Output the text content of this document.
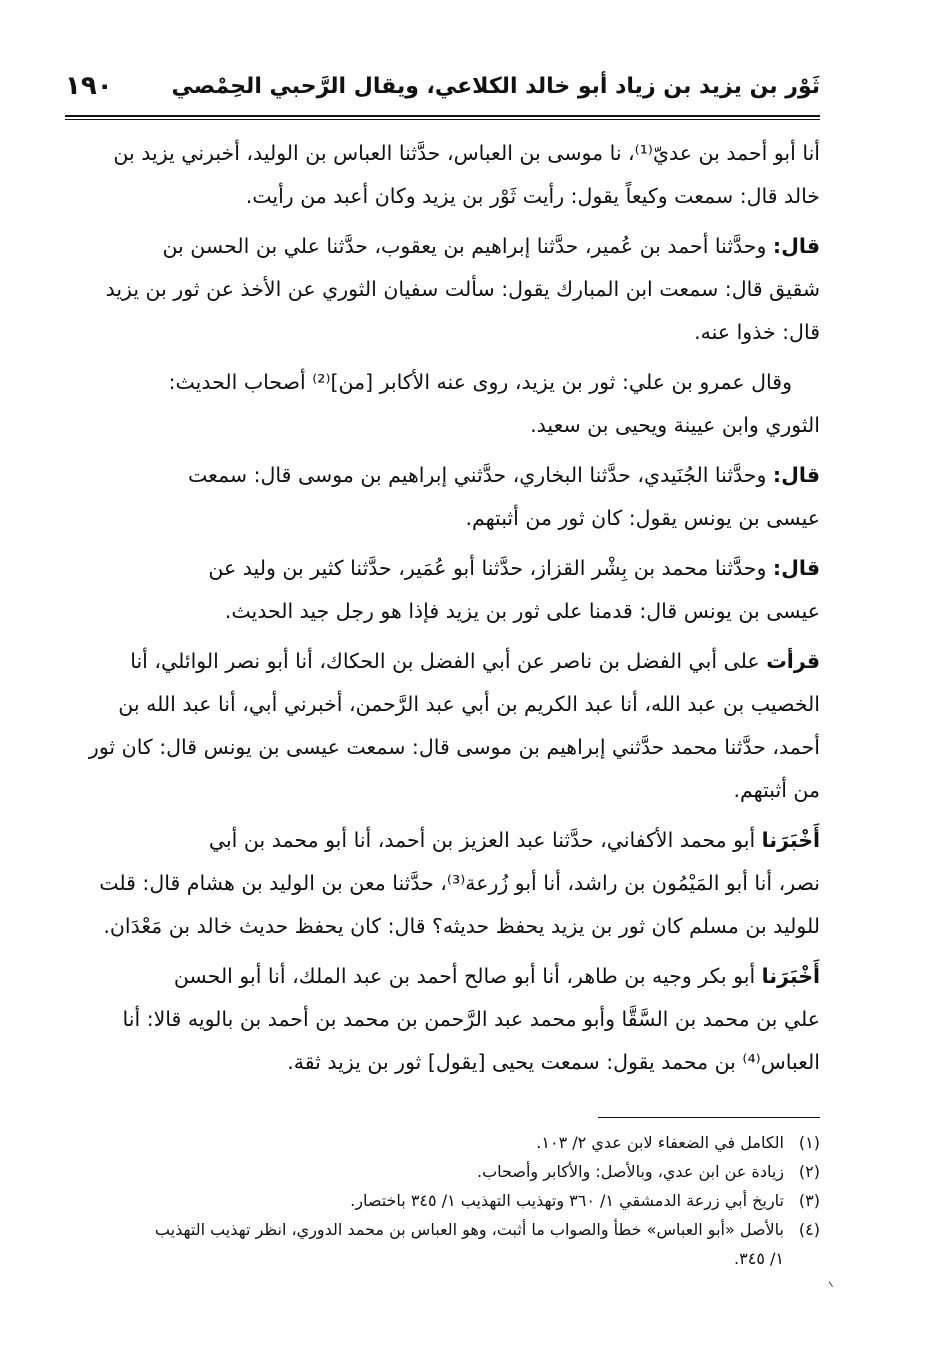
ثَوْر بن يزيد بن زياد أبو خالد الكلاعي، ويقال الرَّحبي الحِمْصي
١٩٠

أنا أبو أحمد بن عديّ⁽¹⁾، نا موسى بن العباس، حدَّثنا العباس بن الوليد، أخبرني يزيد بن
خالد قال: سمعت وكيعاً يقول: رأيت ثَوْر بن يزيد وكان أعبد من رأيت.

قال: وحدَّثنا أحمد بن عُمير، حدَّثنا إبراهيم بن يعقوب، حدَّثنا علي بن الحسن بن
شقيق قال: سمعت ابن المبارك يقول: سألت سفيان الثوري عن الأخذ عن ثور بن يزيد
قال: خذوا عنه.

وقال عمرو بن علي: ثور بن يزيد، روى عنه الأكابر [من]⁽²⁾ أصحاب الحديث:
الثوري وابن عيينة ويحيى بن سعيد.

قال: وحدَّثنا الجُنَيدي، حدَّثنا البخاري، حدَّثني إبراهيم بن موسى قال: سمعت
عيسى بن يونس يقول: كان ثور من أثبتهم.

قال: وحدَّثنا محمد بن بِشْر القزاز، حدَّثنا أبو عُمَير، حدَّثنا كثير بن وليد عن
عيسى بن يونس قال: قدمنا على ثور بن يزيد فإذا هو رجل جيد الحديث.

قرأت على أبي الفضل بن ناصر عن أبي الفضل بن الحكاك، أنا أبو نصر الوائلي، أنا
الخصيب بن عبد الله، أنا عبد الكريم بن أبي عبد الرَّحمن، أخبرني أبي، أنا عبد الله بن
أحمد، حدَّثنا محمد حدَّثني إبراهيم بن موسى قال: سمعت عيسى بن يونس قال: كان ثور
من أثبتهم.

أَخْبَرَنا أبو محمد الأكفاني، حدَّثنا عبد العزيز بن أحمد، أنا أبو محمد بن أبي
نصر، أنا أبو المَيْمُون بن راشد، أنا أبو زُرعة⁽³⁾، حدَّثنا معن بن الوليد بن هشام قال: قلت
للوليد بن مسلم كان ثور بن يزيد يحفظ حديثه؟ قال: كان يحفظ حديث خالد بن مَعْدَان.

أَخْبَرَنا أبو بكر وجيه بن طاهر، أنا أبو صالح أحمد بن عبد الملك، أنا أبو الحسن
علي بن محمد بن السَّقَّا وأبو محمد عبد الرَّحمن بن محمد بن أحمد بن بالويه قالا: أنا
العباس⁽⁴⁾ بن محمد يقول: سمعت يحيى [يقول] ثور بن يزيد ثقة.

(١)
الكامل في الضعفاء لابن عدي ٢/ ١٠٣.
(٢)
زيادة عن ابن عدي، وبالأصل: والأكابر وأصحاب.
(٣)
تاريخ أبي زرعة الدمشقي ١/ ٣٦٠ وتهذيب التهذيب ١/ ٣٤٥ باختصار.
(٤)
بالأصل «أبو العباس» خطأ والصواب ما أثبت، وهو العباس بن محمد الدوري، انظر تهذيب التهذيب
١/ ٣٤٥.
